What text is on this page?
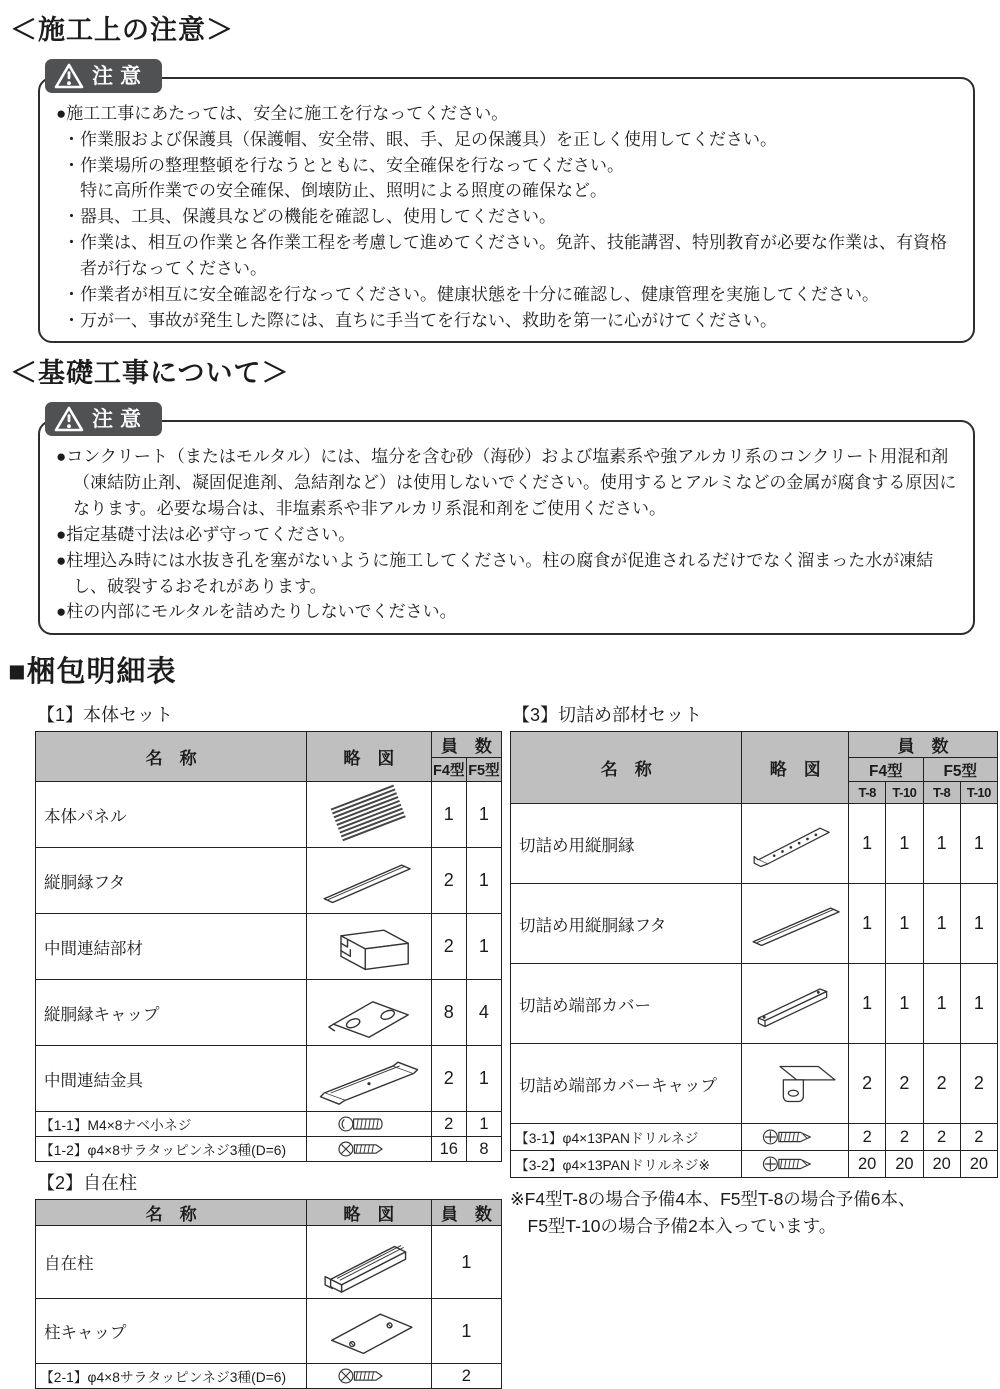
＜施工上の注意＞
注意
●施工工事にあたっては、安全に施工を行なってください。
・作業服および保護具（保護帽、安全帯、眼、手、足の保護具）を正しく使用してください。
・作業場所の整理整頓を行なうとともに、安全確保を行なってください。
特に高所作業での安全確保、倒壊防止、照明による照度の確保など。
・器具、工具、保護具などの機能を確認し、使用してください。
・作業は、相互の作業と各作業工程を考慮して進めてください。免許、技能講習、特別教育が必要な作業は、有資格者が行なってください。
・作業者が相互に安全確認を行なってください。健康状態を十分に確認し、健康管理を実施してください。
・万が一、事故が発生した際には、直ちに手当てを行ない、救助を第一に心がけてください。
＜基礎工事について＞
注意
●コンクリート（またはモルタル）には、塩分を含む砂（海砂）および塩素系や強アルカリ系のコンクリート用混和剤（凍結防止剤、凝固促進剤、急結剤など）は使用しないでください。使用するとアルミなどの金属が腐食する原因になります。必要な場合は、非塩素系や非アルカリ系混和剤をご使用ください。
●指定基礎寸法は必ず守ってください。
●柱埋込み時には水抜き孔を塞がないように施工してください。柱の腐食が促進されるだけでなく溜まった水が凍結し、破裂するおそれがあります。
●柱の内部にモルタルを詰めたりしないでください。
■梱包明細表
【1】本体セット
名　称	略　図	員　数	
		F4型	F5型
本体パネル		1	1
縦胴縁フタ		2	1
中間連結部材		2	1
縦胴縁キャップ		8	4
中間連結金具		2	1
【1-1】M4×8ナベ小ネジ		2	1
【1-2】φ4×8サラタッピンネジ3種(D=6)		16	8
【2】自在柱
名　称	略　図	員　数
自在柱		1
柱キャップ		1
【2-1】φ4×8サラタッピンネジ3種(D=6)		2
【3】切詰め部材セット
名　称	略　図	員　数			
		F4型		F5型	
		T-8	T-10	T-8	T-10
切詰め用縦胴縁		1	1	1	1
切詰め用縦胴縁フタ		1	1	1	1
切詰め端部カバー		1	1	1	1
切詰め端部カバーキャップ		2	2	2	2
【3-1】φ4×13PANドリルネジ		2	2	2	2
【3-2】φ4×13PANドリルネジ※		20	20	20	20
※F4型T-8の場合予備4本、F5型T-8の場合予備6本、
F5型T-10の場合予備2本入っています。
